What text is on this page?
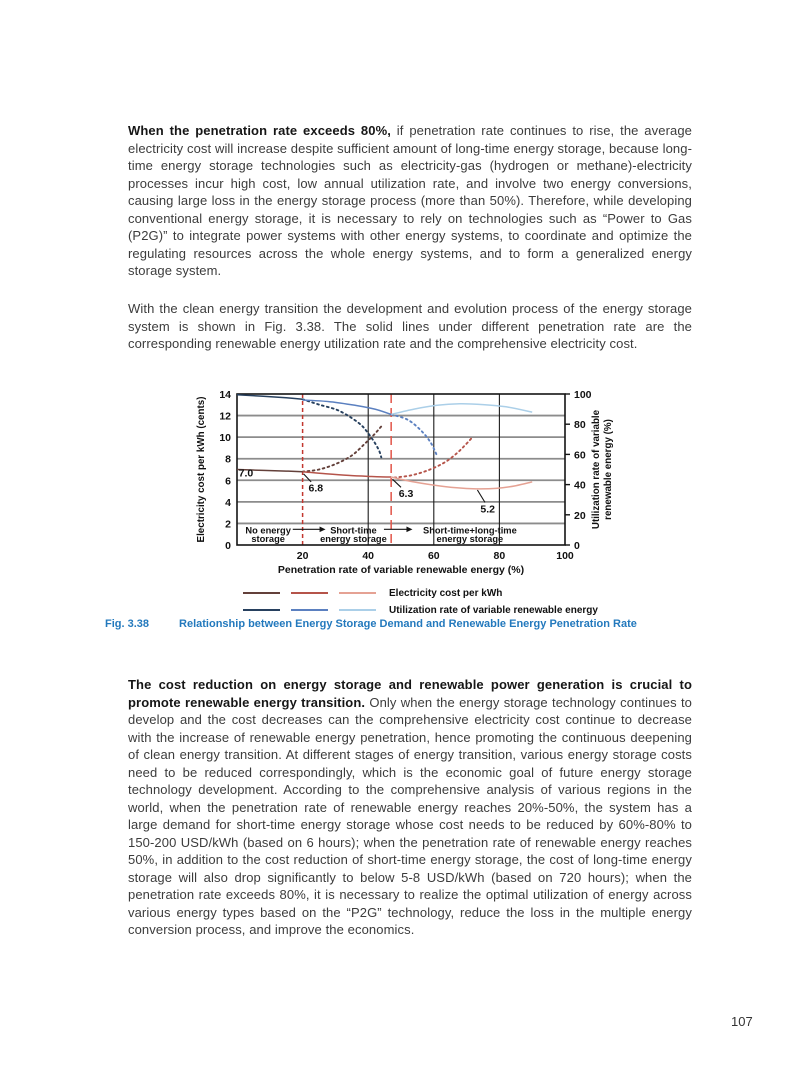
When the penetration rate exceeds 80%, if penetration rate continues to rise, the average electricity cost will increase despite sufficient amount of long-time energy storage, because long-time energy storage technologies such as electricity-gas (hydrogen or methane)-electricity processes incur high cost, low annual utilization rate, and involve two energy conversions, causing large loss in the energy storage process (more than 50%). Therefore, while developing conventional energy storage, it is necessary to rely on technologies such as “Power to Gas (P2G)” to integrate power systems with other energy systems, to coordinate and optimize the regulating resources across the whole energy systems, and to form a generalized energy storage system.

With the clean energy transition the development and evolution process of the energy storage system is shown in Fig. 3.38. The solid lines under different penetration rate are the corresponding renewable energy utilization rate and the comprehensive electricity cost.

0
2
4
6
8
10
12
14
0
20
40
60
80
100
20	40	60	80	100
Electricity cost per kWh (cents)	Utilization rate of variable renewable energy (%)
Penetration rate of variable renewable energy (%)
No energy
storage
Short-time
energy storage
Short-time+long-time
energy storage
7.0
6.8	6.3
5.2
Electricity cost per kWh
Utilization rate of variable renewable energy
Fig. 3.38	Relationship between Energy Storage Demand and Renewable Energy Penetration Rate

The cost reduction on energy storage and renewable power generation is crucial to promote renewable energy transition. Only when the energy storage technology continues to develop and the cost decreases can the comprehensive electricity cost continue to decrease with the increase of renewable energy penetration, hence promoting the continuous deepening of clean energy transition. At different stages of energy transition, various energy storage costs need to be reduced correspondingly, which is the economic goal of future energy storage technology development. According to the comprehensive analysis of various regions in the world, when the penetration rate of renewable energy reaches 20%-50%, the system has a large demand for short-time energy storage whose cost needs to be reduced by 60%-80% to 150-200 USD/kWh (based on 6 hours); when the penetration rate of renewable energy reaches 50%, in addition to the cost reduction of short-time energy storage, the cost of long-time energy storage will also drop significantly to below 5-8 USD/kWh (based on 720 hours); when the penetration rate exceeds 80%, it is necessary to realize the optimal utilization of energy across various energy types based on the “P2G” technology, reduce the loss in the multiple energy conversion process, and improve the economics.

107
